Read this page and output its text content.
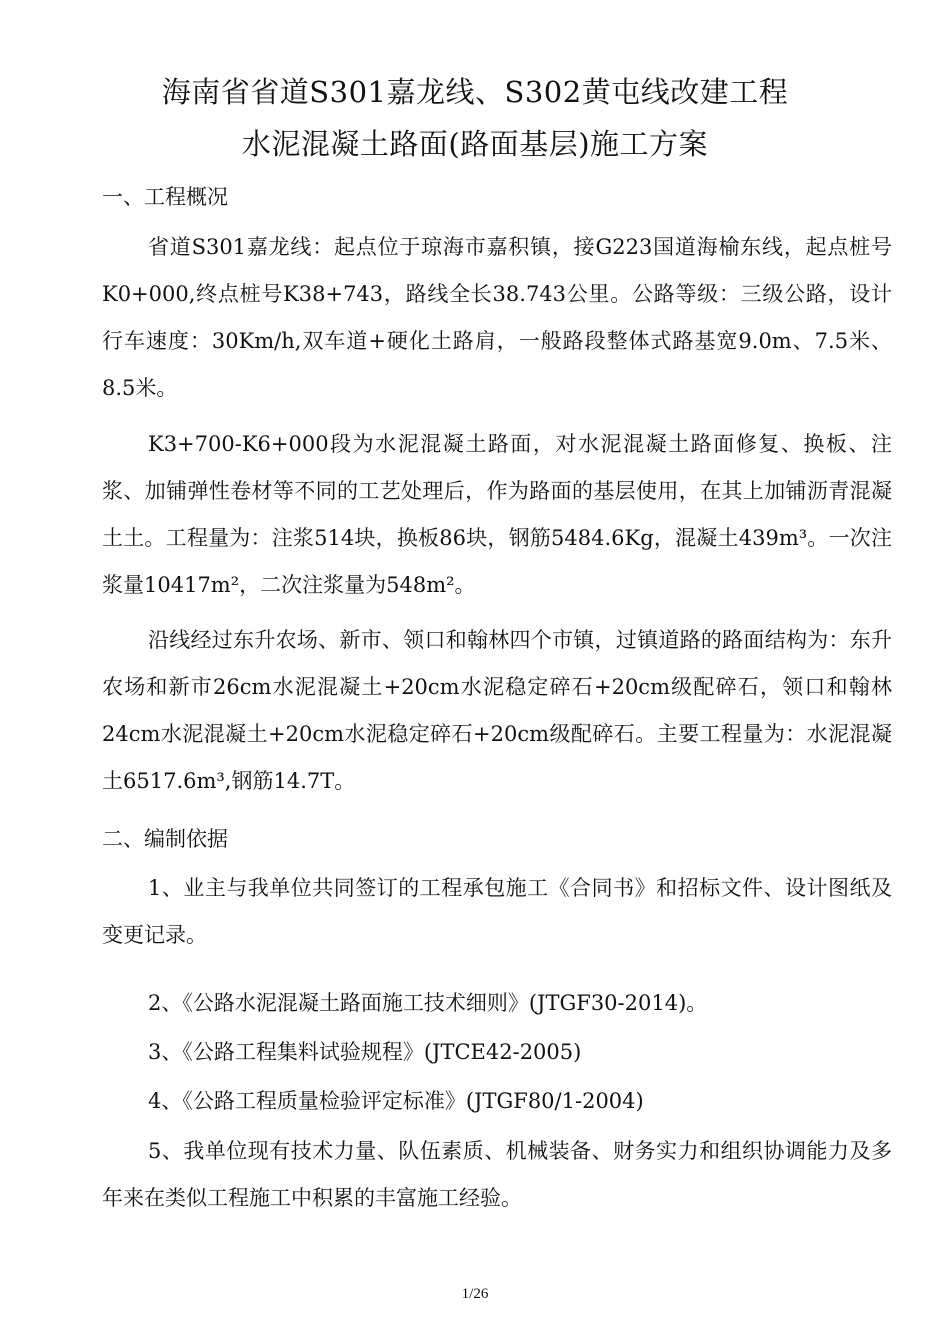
海南省省道S301嘉龙线、S302黄屯线改建工程
水泥混凝土路面(路面基层)施工方案
一、工程概况
省道S301嘉龙线：起点位于琼海市嘉积镇，接G223国道海榆东线，起点桩号K0+000,终点桩号K38+743，路线全长38.743公里。公路等级：三级公路，设计行车速度：30Km/h,双车道+硬化土路肩，一般路段整体式路基宽9.0m、7.5米、8.5米。
K3+700-K6+000段为水泥混凝土路面，对水泥混凝土路面修复、换板、注浆、加铺弹性卷材等不同的工艺处理后，作为路面的基层使用，在其上加铺沥青混凝土土。工程量为：注浆514块，换板86块，钢筋5484.6Kg，混凝土439m³。一次注浆量10417m²，二次注浆量为548m²。
沿线经过东升农场、新市、领口和翰林四个市镇，过镇道路的路面结构为：东升农场和新市26cm水泥混凝土+20cm水泥稳定碎石+20cm级配碎石，领口和翰林24cm水泥混凝土+20cm水泥稳定碎石+20cm级配碎石。主要工程量为：水泥混凝土6517.6m³,钢筋14.7T。
二、编制依据
1、业主与我单位共同签订的工程承包施工《合同书》和招标文件、设计图纸及变更记录。
2、《公路水泥混凝土路面施工技术细则》(JTGF30-2014)。
3、《公路工程集料试验规程》(JTCE42-2005)
4、《公路工程质量检验评定标准》(JTGF80/1-2004)
5、我单位现有技术力量、队伍素质、机械装备、财务实力和组织协调能力及多年来在类似工程施工中积累的丰富施工经验。
1/26
